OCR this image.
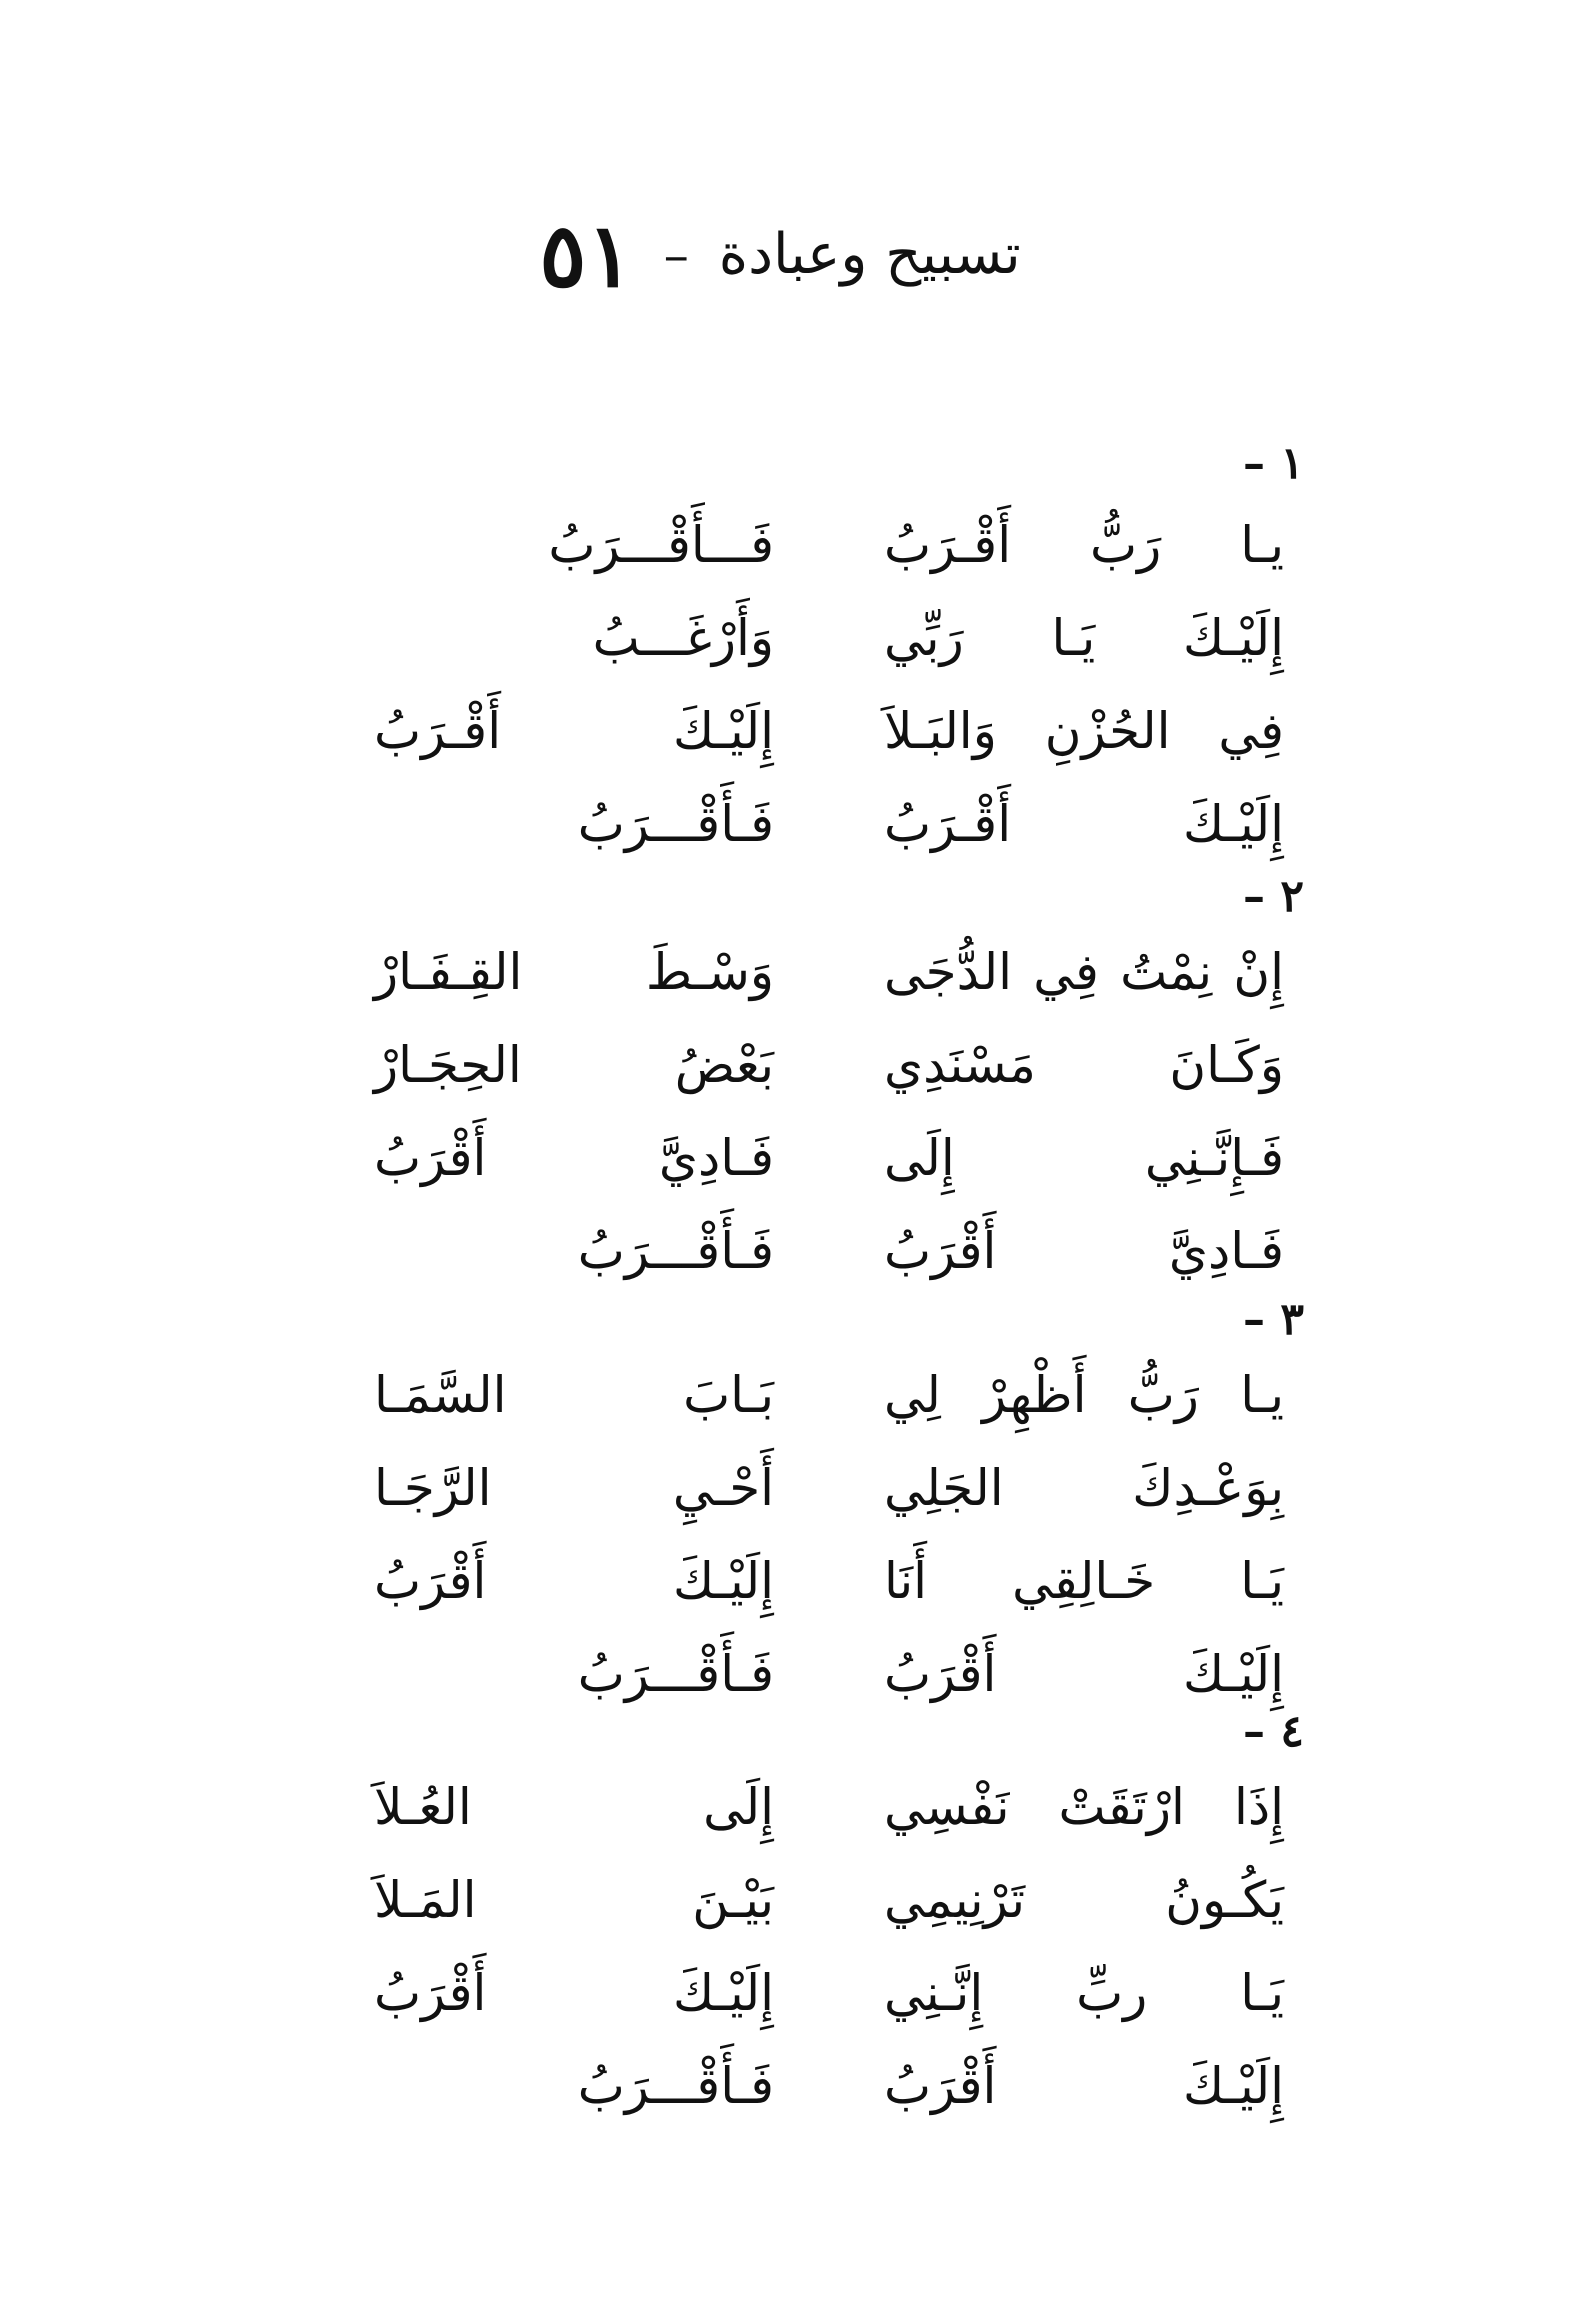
تسبيح وعبادة
–
٥١
١ –
يـا رَبُّ أَقْـرَبُ
فَـــأَقْـــرَبُ
إِلَيْـكَ يَـا رَبِّي
وَأَرْغَـــبُ
فِي الحُزْنِ وَالبَـلاَ
إِلَيْـكَ أَقْـرَبُ
إِلَيْـكَ أَقْـرَبُ
فَـأَقْـــرَبُ
٢ –
إِنْ نِمْتُ فِي الدُّجَى
وَسْـطَ القِـفَـارْ
وَكَـانَ مَسْنَدِي
بَعْضُ الحِجَـارْ
فَـإِنَّـنِي إِلَى
فَـادِيَّ أَقْرَبُ
فَـادِيَّ أَقْرَبُ
فَـأَقْـــرَبُ
٣ –
يـا رَبُّ أَظْهِرْ لِي
بَـابَ السَّمَـا
بِوَعْـدِكَ الجَلِي
أَحْـيِ الرَّجَـا
يَـا خَـالِقِي أَنَا
إِلَيْـكَ أَقْرَبُ
إِلَيْـكَ أَقْرَبُ
فَـأَقْـــرَبُ
٤ –
إِذَا ارْتَقَتْ نَفْسِي
إِلَى العُـلاَ
يَكُـونُ تَرْنِيمِي
بَيْـنَ المَـلاَ
يَـا ربِّ إِنَّـنِي
إِلَيْـكَ أَقْرَبُ
إِلَيْـكَ أَقْرَبُ
فَـأَقْـــرَبُ
